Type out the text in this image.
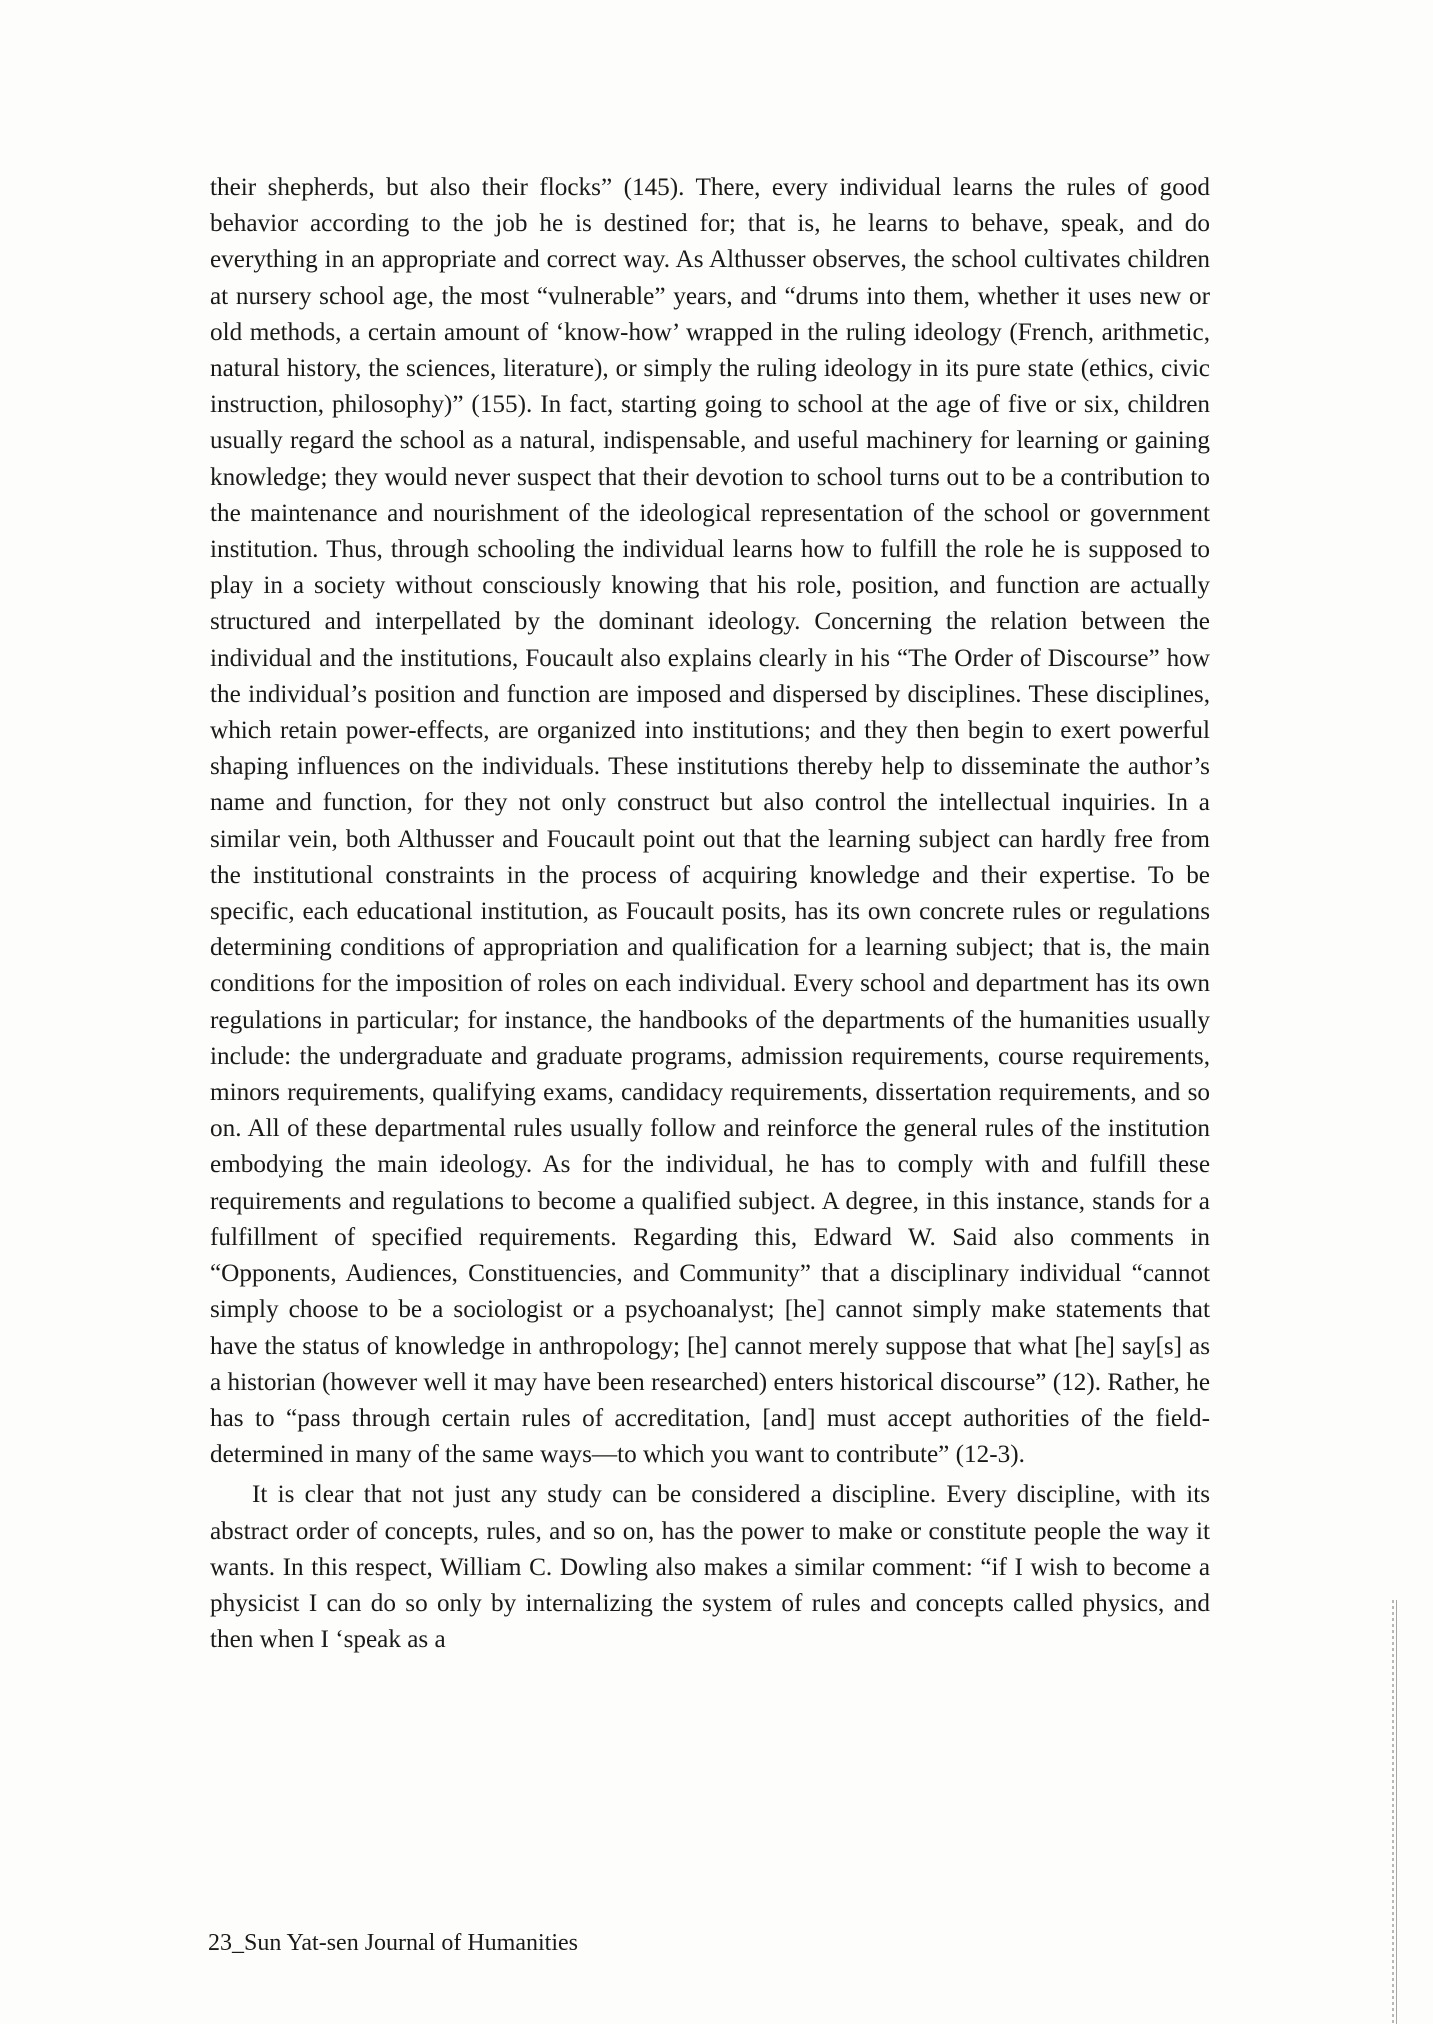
their shepherds, but also their flocks” (145). There, every individual learns the rules of good behavior according to the job he is destined for; that is, he learns to behave, speak, and do everything in an appropriate and correct way. As Althusser observes, the school cultivates children at nursery school age, the most “vulnerable” years, and “drums into them, whether it uses new or old methods, a certain amount of ‘know-how’ wrapped in the ruling ideology (French, arithmetic, natural history, the sciences, literature), or simply the ruling ideology in its pure state (ethics, civic instruction, philosophy)” (155). In fact, starting going to school at the age of five or six, children usually regard the school as a natural, indispensable, and useful machinery for learning or gaining knowledge; they would never suspect that their devotion to school turns out to be a contribution to the maintenance and nourishment of the ideological representation of the school or government institution. Thus, through schooling the individual learns how to fulfill the role he is supposed to play in a society without consciously knowing that his role, position, and function are actually structured and interpellated by the dominant ideology. Concerning the relation between the individual and the institutions, Foucault also explains clearly in his “The Order of Discourse” how the individual’s position and function are imposed and dispersed by disciplines. These disciplines, which retain power-effects, are organized into institutions; and they then begin to exert powerful shaping influences on the individuals. These institutions thereby help to disseminate the author’s name and function, for they not only construct but also control the intellectual inquiries. In a similar vein, both Althusser and Foucault point out that the learning subject can hardly free from the institutional constraints in the process of acquiring knowledge and their expertise. To be specific, each educational institution, as Foucault posits, has its own concrete rules or regulations determining conditions of appropriation and qualification for a learning subject; that is, the main conditions for the imposition of roles on each individual. Every school and department has its own regulations in particular; for instance, the handbooks of the departments of the humanities usually include: the undergraduate and graduate programs, admission requirements, course requirements, minors requirements, qualifying exams, candidacy requirements, dissertation requirements, and so on. All of these departmental rules usually follow and reinforce the general rules of the institution embodying the main ideology. As for the individual, he has to comply with and fulfill these requirements and regulations to become a qualified subject. A degree, in this instance, stands for a fulfillment of specified requirements. Regarding this, Edward W. Said also comments in “Opponents, Audiences, Constituencies, and Community” that a disciplinary individual “cannot simply choose to be a sociologist or a psychoanalyst; [he] cannot simply make statements that have the status of knowledge in anthropology; [he] cannot merely suppose that what [he] say[s] as a historian (however well it may have been researched) enters historical discourse” (12). Rather, he has to “pass through certain rules of accreditation, [and] must accept authorities of the field-determined in many of the same ways—to which you want to contribute” (12-3).

It is clear that not just any study can be considered a discipline. Every discipline, with its abstract order of concepts, rules, and so on, has the power to make or constitute people the way it wants. In this respect, William C. Dowling also makes a similar comment: “if I wish to become a physicist I can do so only by internalizing the system of rules and concepts called physics, and then when I ‘speak as a

23_Sun Yat-sen Journal of Humanities
